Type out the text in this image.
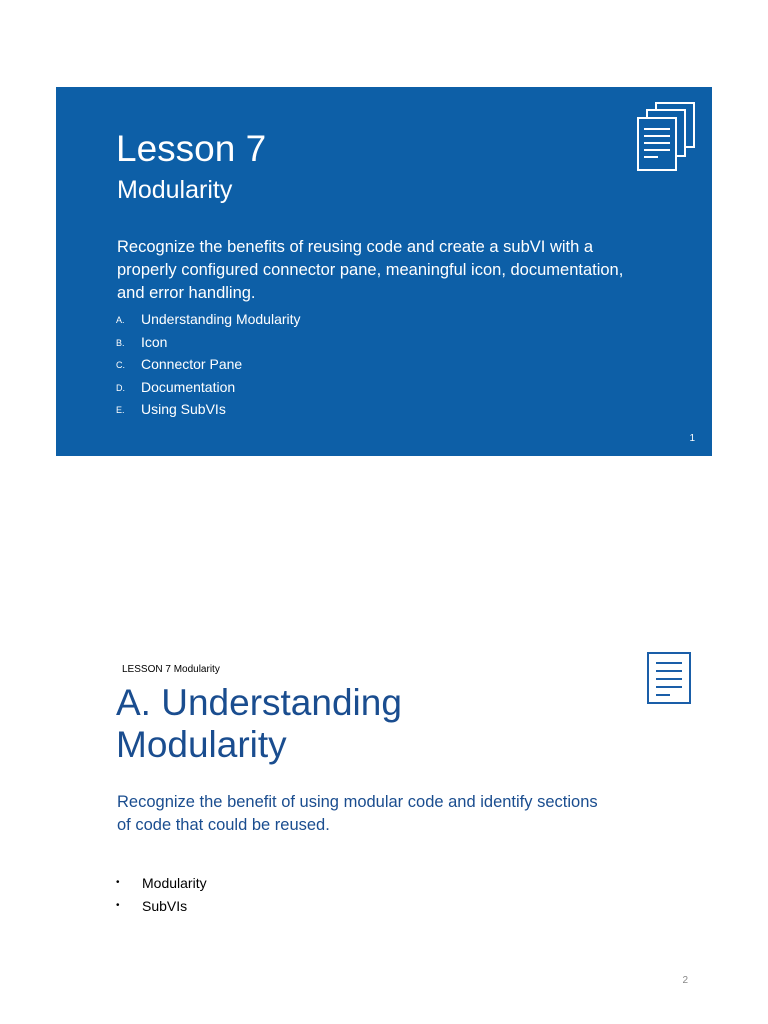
Lesson 7
Modularity
Recognize the benefits of reusing code and create a subVI with a properly configured connector pane, meaningful icon, documentation, and error handling.
A. Understanding Modularity
B. Icon
C. Connector Pane
D. Documentation
E. Using SubVIs
1
LESSON 7 Modularity
A. Understanding Modularity
Recognize the benefit of using modular code and identify sections of code that could be reused.
• Modularity
• SubVIs
2
